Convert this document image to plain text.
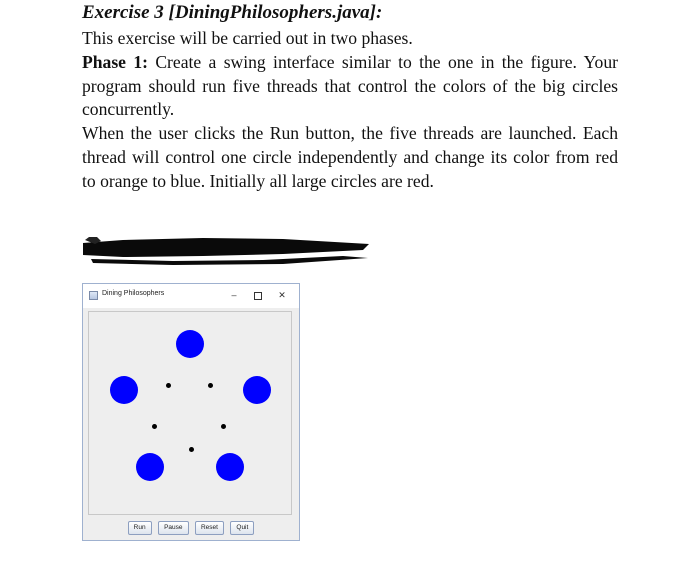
Exercise 3 [DiningPhilosophers.java]:

This exercise will be carried out in two phases.

Phase 1: Create a swing interface similar to the one in the figure. Your program should run five threads that control the colors of the big circles concurrently.

When the user clicks the Run button, the five threads are launched. Each thread will control one circle independently and change its color from red to orange to blue. Initially all large circles are red.

Dining Philosophers	–	✕
Run	Pause	Reset	Quit
